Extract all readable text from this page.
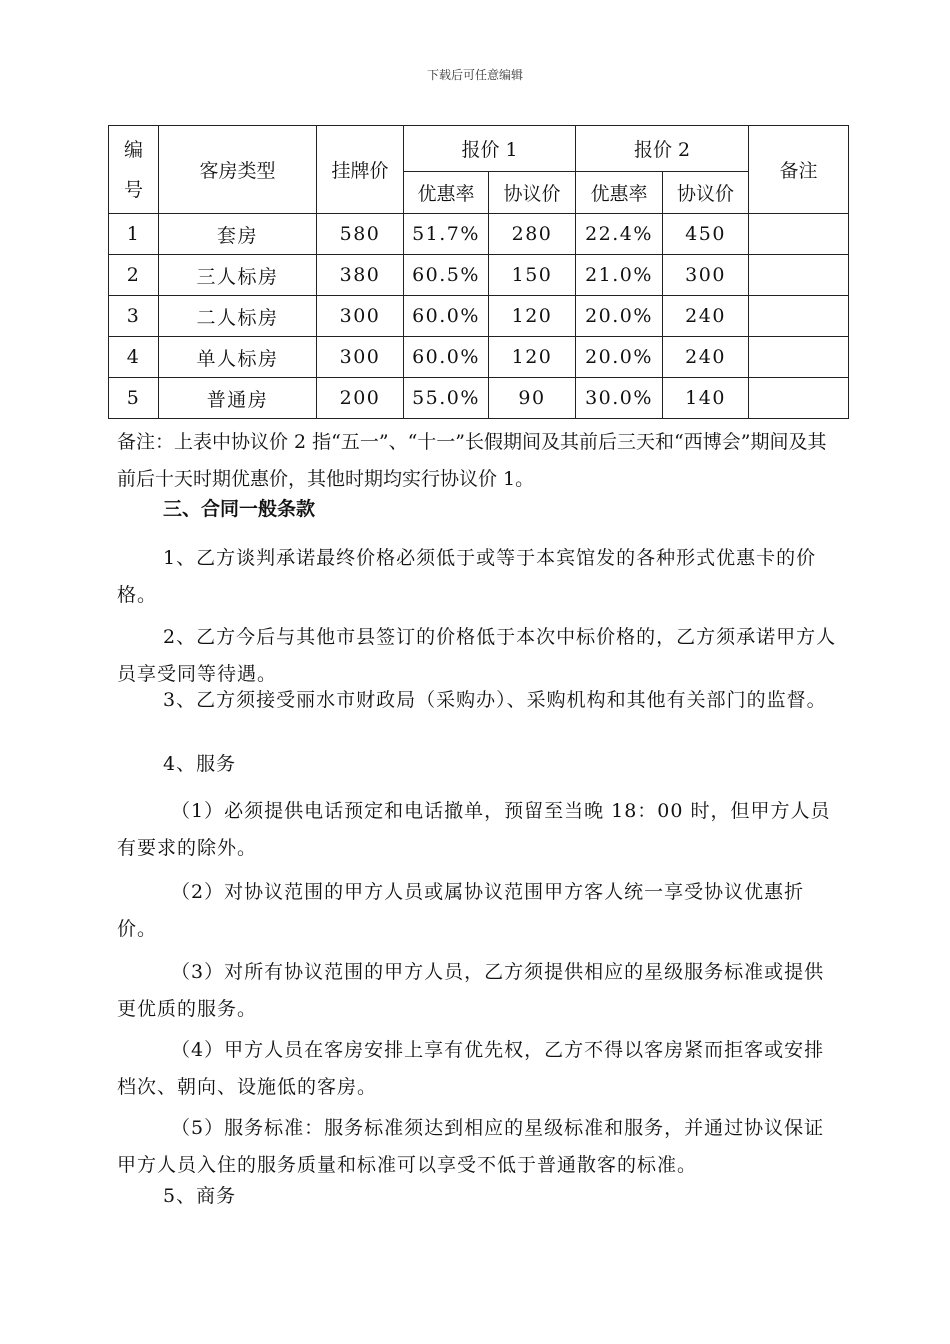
下载后可任意编辑
编
号	客房类型	挂牌价	报价 1		报价 2		备注
			优惠率	协议价	优惠率	协议价	
1	套房	580	51.7%	280	22.4%	450	
2	三人标房	380	60.5%	150	21.0%	300	
3	二人标房	300	60.0%	120	20.0%	240	
4	单人标房	300	60.0%	120	20.0%	240	
5	普通房	200	55.0%	90	30.0%	140	
备注：上表中协议价 2 指“五一”、“十一”长假期间及其前后三天和“西博会”期间及其前后十天时期优惠价，其他时期均实行协议价 1。
三、合同一般条款
1、乙方谈判承诺最终价格必须低于或等于本宾馆发的各种形式优惠卡的价格。
2、乙方今后与其他市县签订的价格低于本次中标价格的，乙方须承诺甲方人员享受同等待遇。
3、乙方须接受丽水市财政局（采购办）、采购机构和其他有关部门的监督。
4、服务
（1）必须提供电话预定和电话撤单，预留至当晚 18：00 时，但甲方人员有要求的除外。
（2）对协议范围的甲方人员或属协议范围甲方客人统一享受协议优惠折价。
（3）对所有协议范围的甲方人员，乙方须提供相应的星级服务标准或提供更优质的服务。
（4）甲方人员在客房安排上享有优先权，乙方不得以客房紧而拒客或安排档次、朝向、设施低的客房。
（5）服务标准：服务标准须达到相应的星级标准和服务，并通过协议保证甲方人员入住的服务质量和标准可以享受不低于普通散客的标准。
5、商务
